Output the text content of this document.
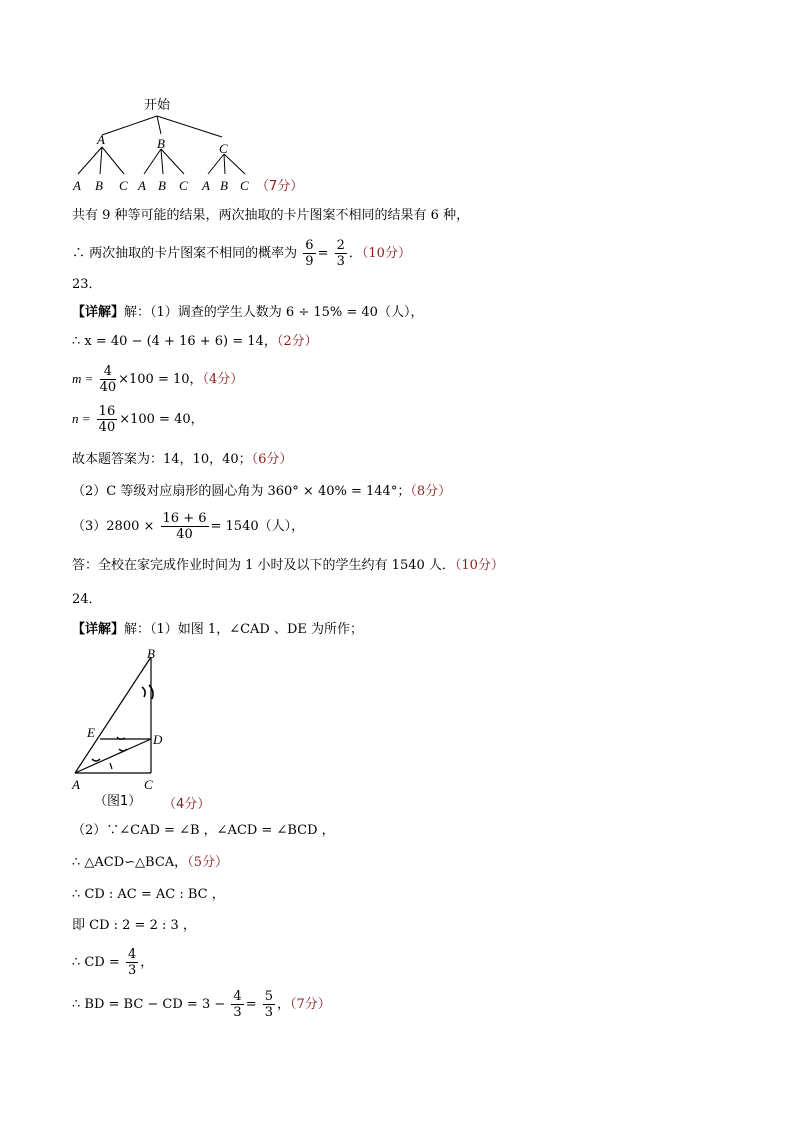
开始
A	B	C
A B C A B C A B C （7分）
共有 9 种等可能的结果，两次抽取的卡片图案不相同的结果有 6 种，
∴ 两次抽取的卡片图案不相同的概率为 $\frac{6}{9} = \frac{2}{3}$ ．（10分）
23．
【详解】解：（1）调查的学生人数为 6 ÷ 15% = 40（人），
∴ x = 40 − (4 + 16 + 6) = 14，（2分）
$m = \frac{4}{40} \times 100 = 10$，（4分）
$n = \frac{16}{40} \times 100 = 40$，
故本题答案为：14，10，40；（6分）
（2）C 等级对应扇形的圆心角为 360° × 40% = 144°；（8分）
$(3)2800 \times \frac{16 + 6}{40} = 1540$（人），
答：全校在家完成作业时间为 1 小时及以下的学生约有 1540 人．（10分）
24．
【详解】解：（1）如图 1，∠CAD 、DE 为所作；
B
E	D
A	C
（图1） （4分）
（2）∵∠CAD = ∠B ，∠ACD = ∠BCD ，
∴ △ACD∽△BCA，（5分）
∴ CD : AC = AC : BC ，
即 CD : 2 = 2 : 3 ，
∴ CD = $\frac{4}{3}$ ，
∴ BD = BC − CD = $3 - \frac{4}{3} = \frac{5}{3}$ ，（7分）
